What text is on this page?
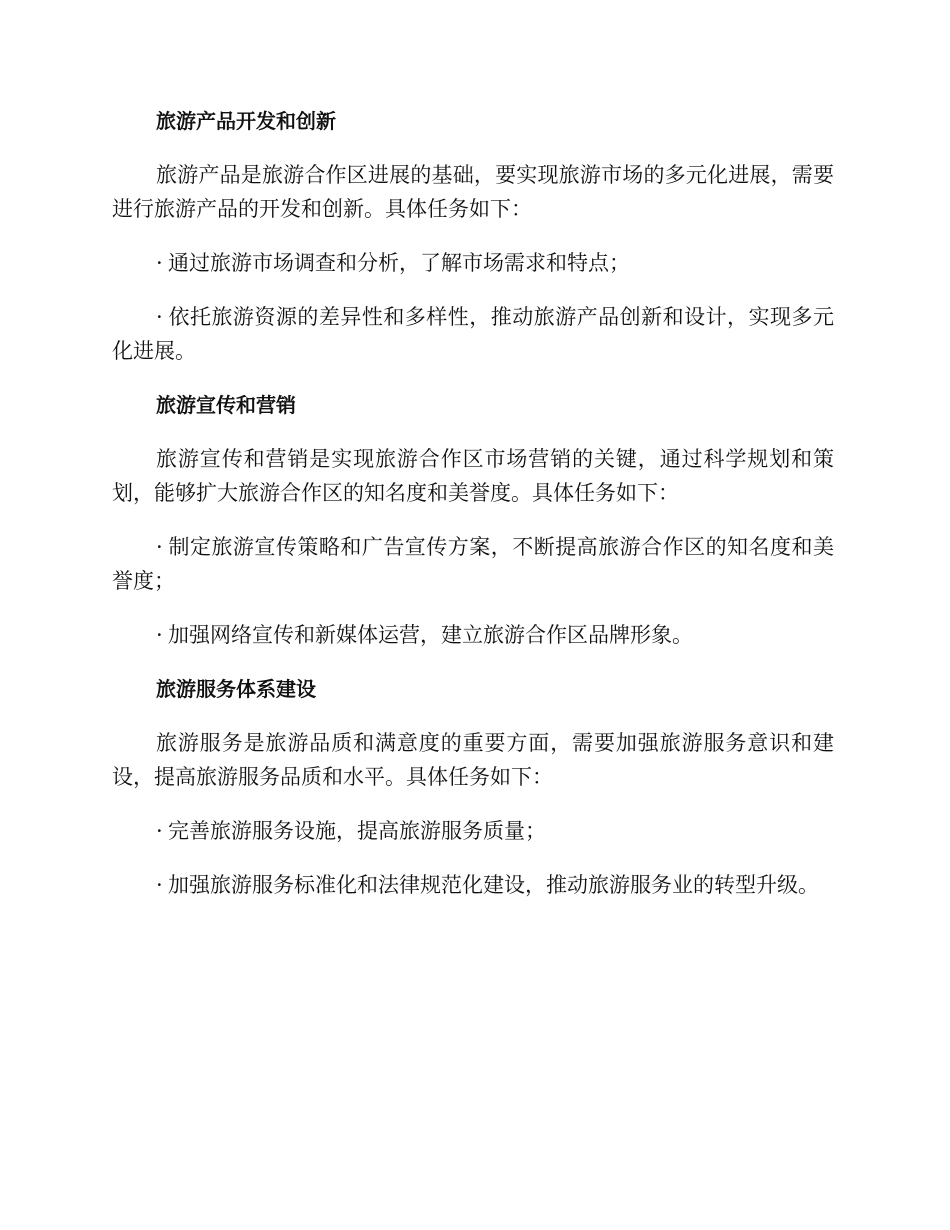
旅游产品开发和创新

旅游产品是旅游合作区进展的基础，要实现旅游市场的多元化进展，需要进行旅游产品的开发和创新。具体任务如下：

· 通过旅游市场调查和分析，了解市场需求和特点；

· 依托旅游资源的差异性和多样性，推动旅游产品创新和设计，实现多元化进展。

旅游宣传和营销

旅游宣传和营销是实现旅游合作区市场营销的关键，通过科学规划和策划，能够扩大旅游合作区的知名度和美誉度。具体任务如下：

· 制定旅游宣传策略和广告宣传方案，不断提高旅游合作区的知名度和美誉度；

· 加强网络宣传和新媒体运营，建立旅游合作区品牌形象。

旅游服务体系建设

旅游服务是旅游品质和满意度的重要方面，需要加强旅游服务意识和建设，提高旅游服务品质和水平。具体任务如下：

· 完善旅游服务设施，提高旅游服务质量；

· 加强旅游服务标准化和法律规范化建设，推动旅游服务业的转型升级。
